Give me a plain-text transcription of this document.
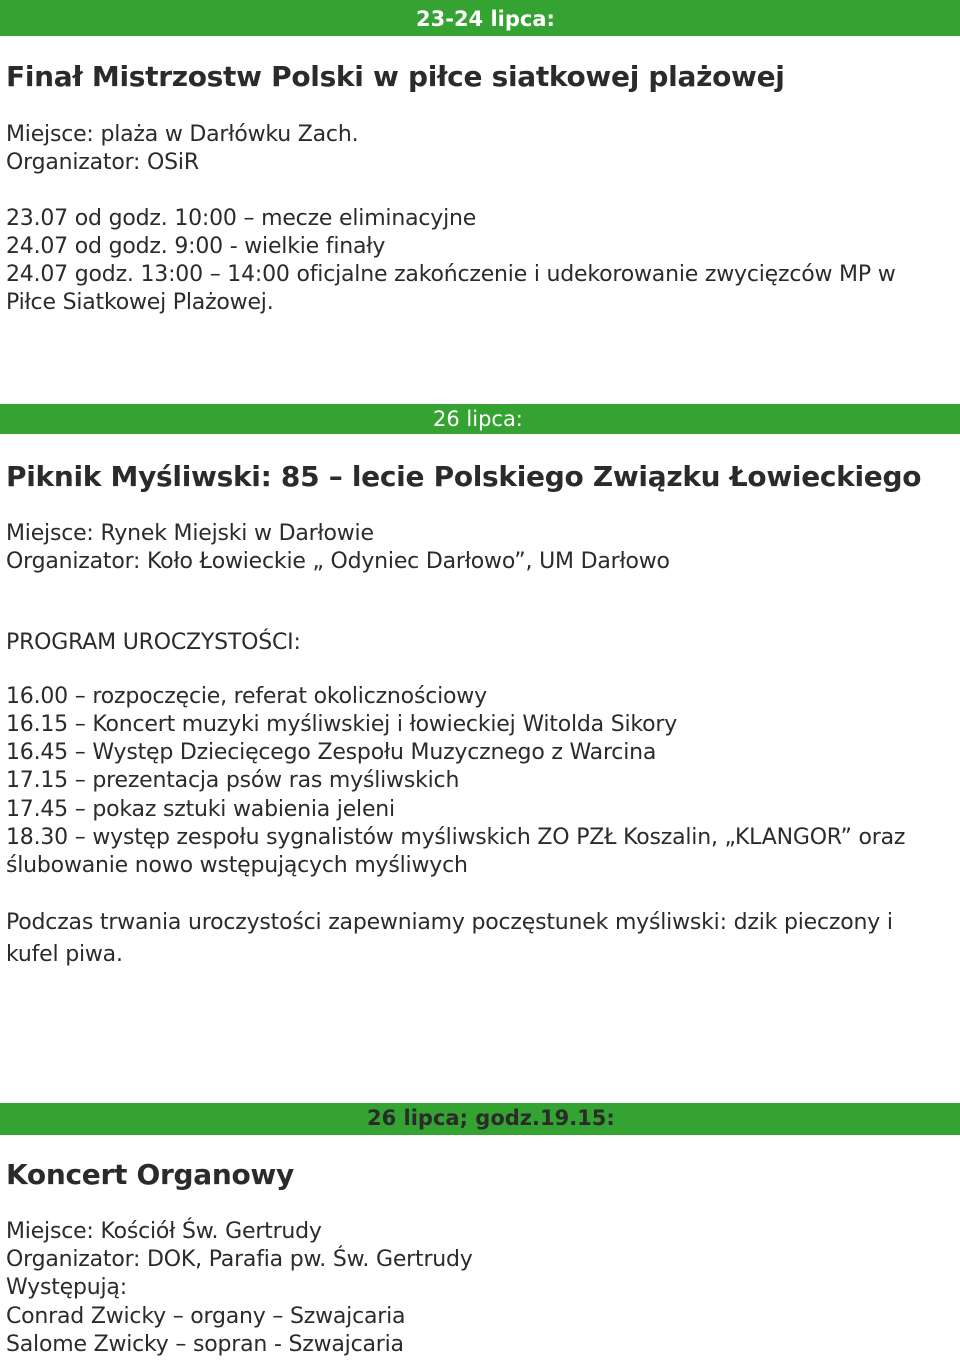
23-24 lipca:
Finał Mistrzostw Polski w piłce siatkowej plażowej
Miejsce: plaża w Darłówku Zach.
Organizator: OSiR
23.07 od godz. 10:00 – mecze eliminacyjne
24.07 od godz. 9:00 - wielkie finały
24.07 godz. 13:00 – 14:00 oficjalne zakończenie i udekorowanie zwycięzców MP w
Piłce Siatkowej Plażowej.
26 lipca:
Piknik Myśliwski: 85 – lecie Polskiego Związku Łowieckiego
Miejsce: Rynek Miejski w Darłowie
Organizator: Koło Łowieckie „ Odyniec Darłowo”, UM Darłowo
PROGRAM UROCZYSTOŚCI:
16.00 – rozpoczęcie, referat okolicznościowy
16.15 – Koncert muzyki myśliwskiej i łowieckiej Witolda Sikory
16.45 – Występ Dziecięcego Zespołu Muzycznego z Warcina
17.15 – prezentacja psów ras myśliwskich
17.45 – pokaz sztuki wabienia jeleni
18.30 – występ zespołu sygnalistów myśliwskich ZO PZŁ Koszalin, „KLANGOR” oraz
ślubowanie nowo wstępujących myśliwych
Podczas trwania uroczystości zapewniamy poczęstunek myśliwski: dzik pieczony i
kufel piwa.
26 lipca; godz.19.15:
Koncert Organowy
Miejsce: Kościół Św. Gertrudy
Organizator: DOK, Parafia pw. Św. Gertrudy
Występują:
Conrad Zwicky – organy – Szwajcaria
Salome Zwicky – sopran - Szwajcaria
